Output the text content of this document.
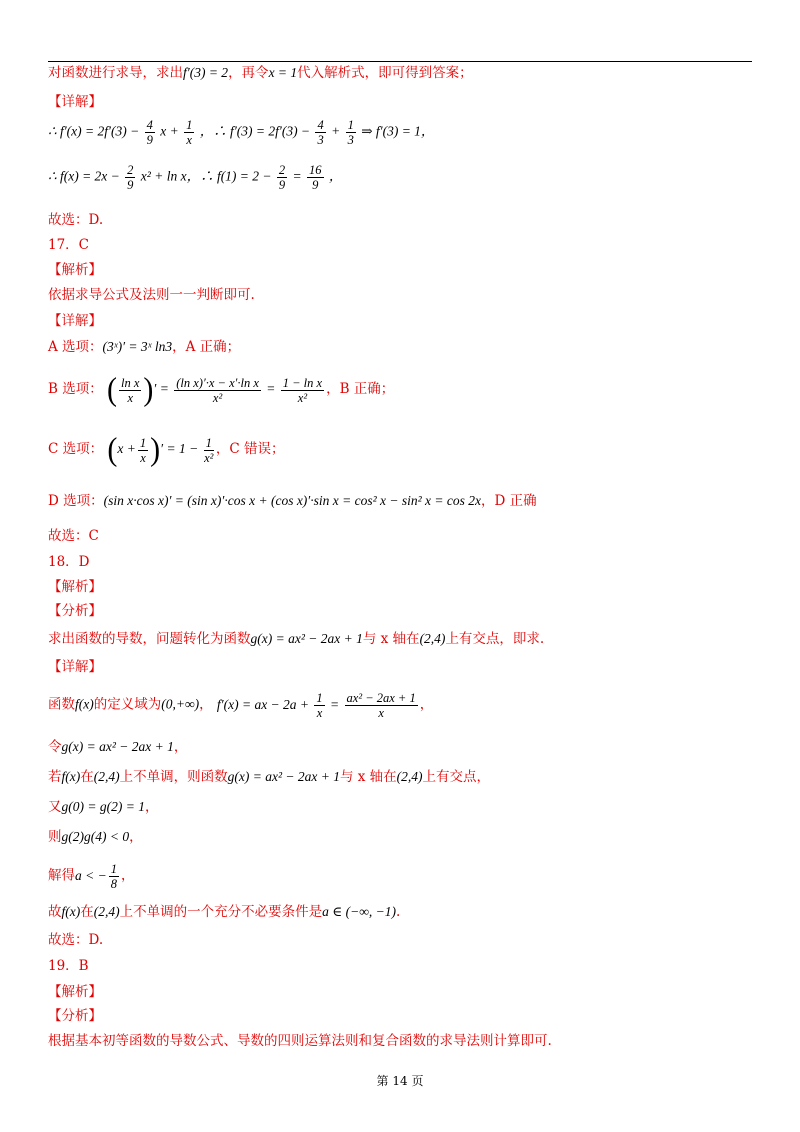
对函数进行求导，求出f′(3) = 2，再令x = 1代入解析式，即可得到答案；
【详解】
∴ $f'(x) = 2f'(3) - \frac{4}{9}$ $x + \frac{1}{x}$ ，∴ $f'(3) = 2f'(3) - \frac{4}{3} + \frac{1}{3}$ ⇒ f′(3) = 1，
∴ $f(x) = 2x - \frac{2}{9} x^2 + \ln x$，∴ $f(1) = 2 - \frac{2}{9} = \frac{16}{9}$ ，
故选：D.
17．C
【解析】
依据求导公式及法则一一判断即可.
【详解】
A 选项：(3ˣ)′ = 3ˣ ln3，A 正确；
B 选项： ( $\frac{\text{ln x}}{x}$ )′ = $\frac{\text{(ln x)′·x − x′·ln x}}{\text{x²}} = \frac{\text{1 − ln x}}{\text{x²}}$ ，B 正确；
C 选项： ($x + \frac{1}{x}$ )′ = $1 - \frac{1}{\text{x²}}$ ，C 错误；
D 选项：(sin x·cos x)′ = (sin x)′·cos x + (cos x)′·sin x = cos² x − sin² x = cos 2x，D 正确
故选：C
18．D
【解析】
【分析】
求出函数的导数，问题转化为函数g(x) = ax² − 2ax + 1与 x 轴在(2,4)上有交点，即求.
【详解】
函数f(x)的定义域为(0,+∞)， f′(x) = ax − $2a + \frac{1}{x} = \frac{\text{ax² − 2ax + 1}}{x}$ ，
令g(x) = ax² − 2ax + 1，
若f(x)在(2,4)上不单调，则函数g(x) = ax² − 2ax + 1与 x 轴在(2,4)上有交点，
又g(0) = g(2) = 1，
则g(2)g(4) < 0，
解得a < − $\frac{1}{8}$ ，
故f(x)在(2,4)上不单调的一个充分不必要条件是a ∈ (−∞, −1).
故选：D.
19．B
【解析】
【分析】
根据基本初等函数的导数公式、导数的四则运算法则和复合函数的求导法则计算即可.
第 14 页
